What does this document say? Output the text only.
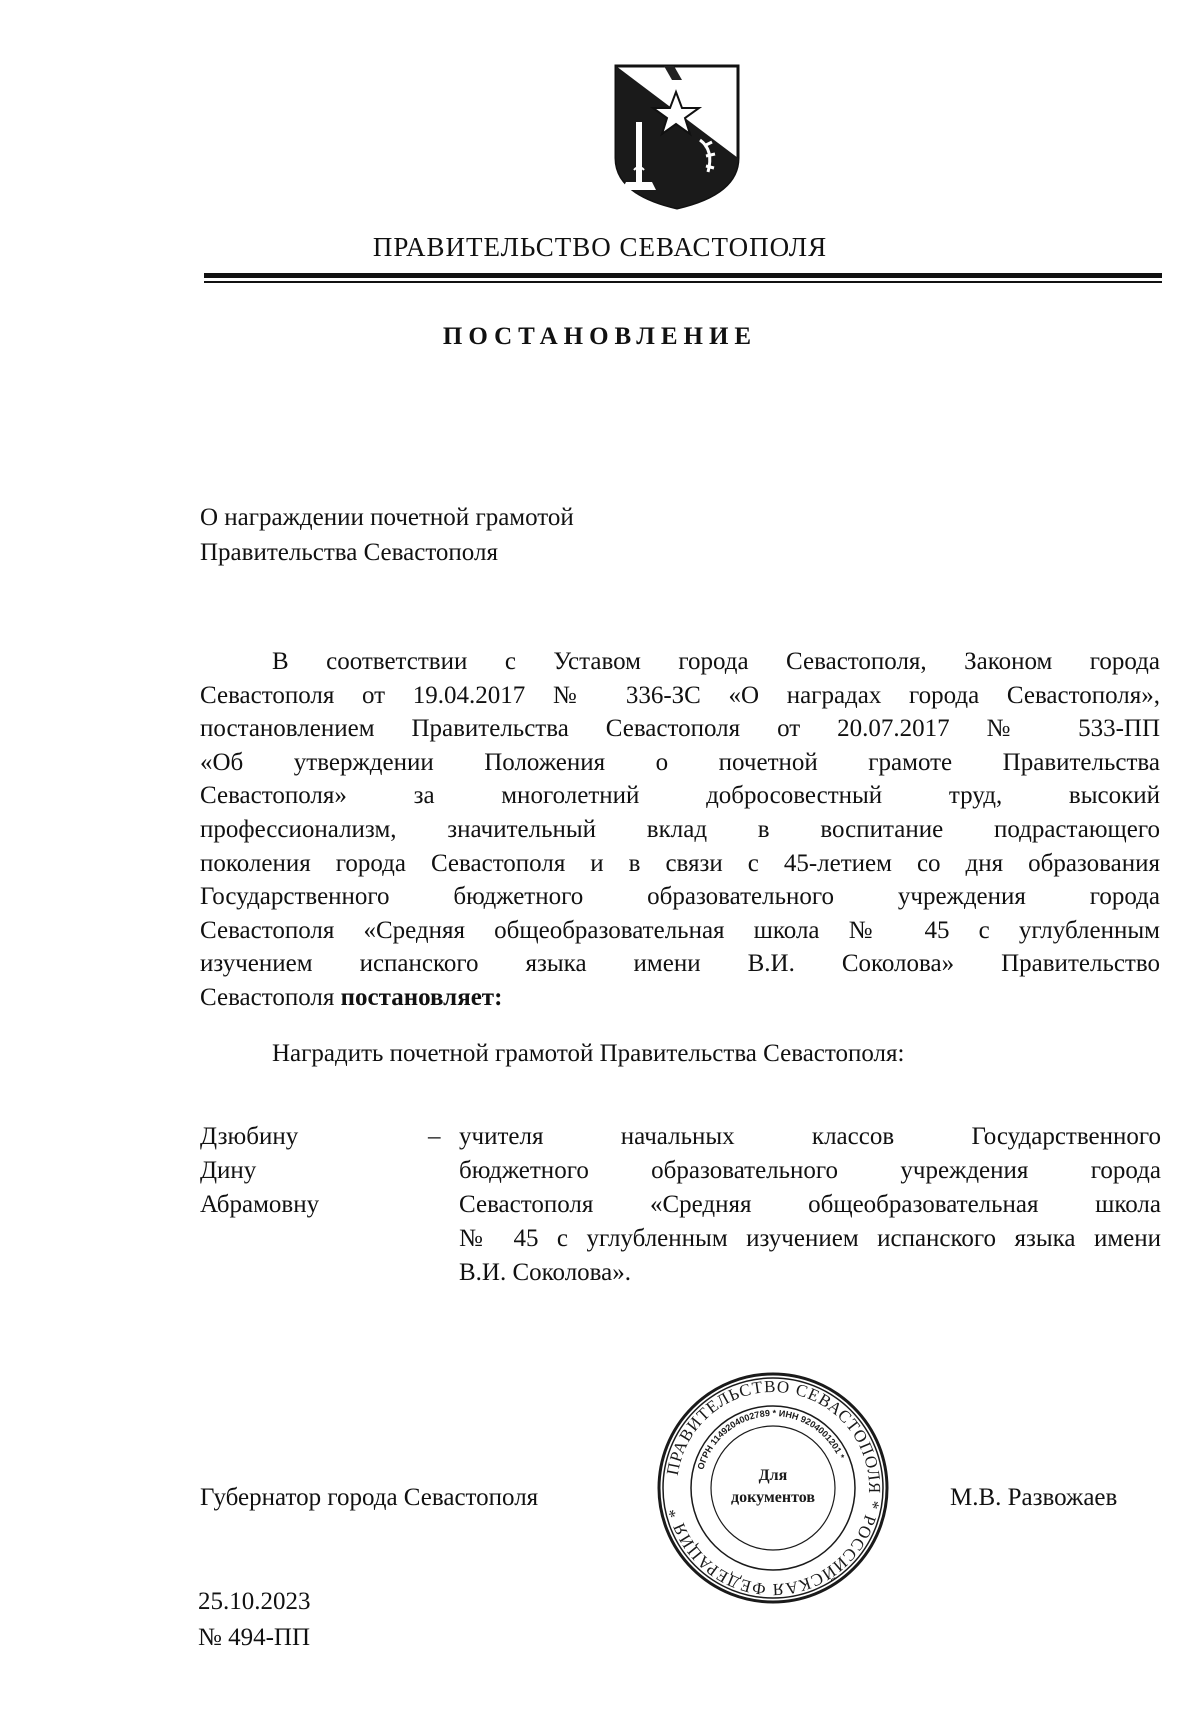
ПРАВИТЕЛЬСТВО СЕВАСТОПОЛЯ
ПОСТАНОВЛЕНИЕ
О награждении почетной грамотой
Правительства Севастополя
В соответствии с Уставом города Севастополя, Законом города
Севастополя от 19.04.2017 № 336-ЗС «О наградах города Севастополя»,
постановлением Правительства Севастополя от 20.07.2017 № 533-ПП
«Об утверждении Положения о почетной грамоте Правительства
Севастополя» за многолетний добросовестный труд, высокий
профессионализм, значительный вклад в воспитание подрастающего
поколения города Севастополя и в связи с 45-летием со дня образования
Государственного бюджетного образовательного учреждения города
Севастополя «Средняя общеобразовательная школа № 45 с углубленным
изучением испанского языка имени В.И. Соколова» Правительство
Севастополя постановляет:
Наградить почетной грамотой Правительства Севастополя:
Дзюбину
Дину
Абрамовну
– учителя начальных классов Государственного
бюджетного образовательного учреждения города
Севастополя «Средняя общеобразовательная школа
№ 45 с углубленным изучением испанского языка имени
В.И. Соколова».
Губернатор города Севастополя
ПРАВИТЕЛЬСТВО СЕВАСТОПОЛЯ * РОССИЙСКАЯ ФЕДЕРАЦИЯ *
ОГРН 1149204002789 * ИНН 9204001201 *
Для
документов	М.В. Развожаев
25.10.2023
№ 494-ПП
